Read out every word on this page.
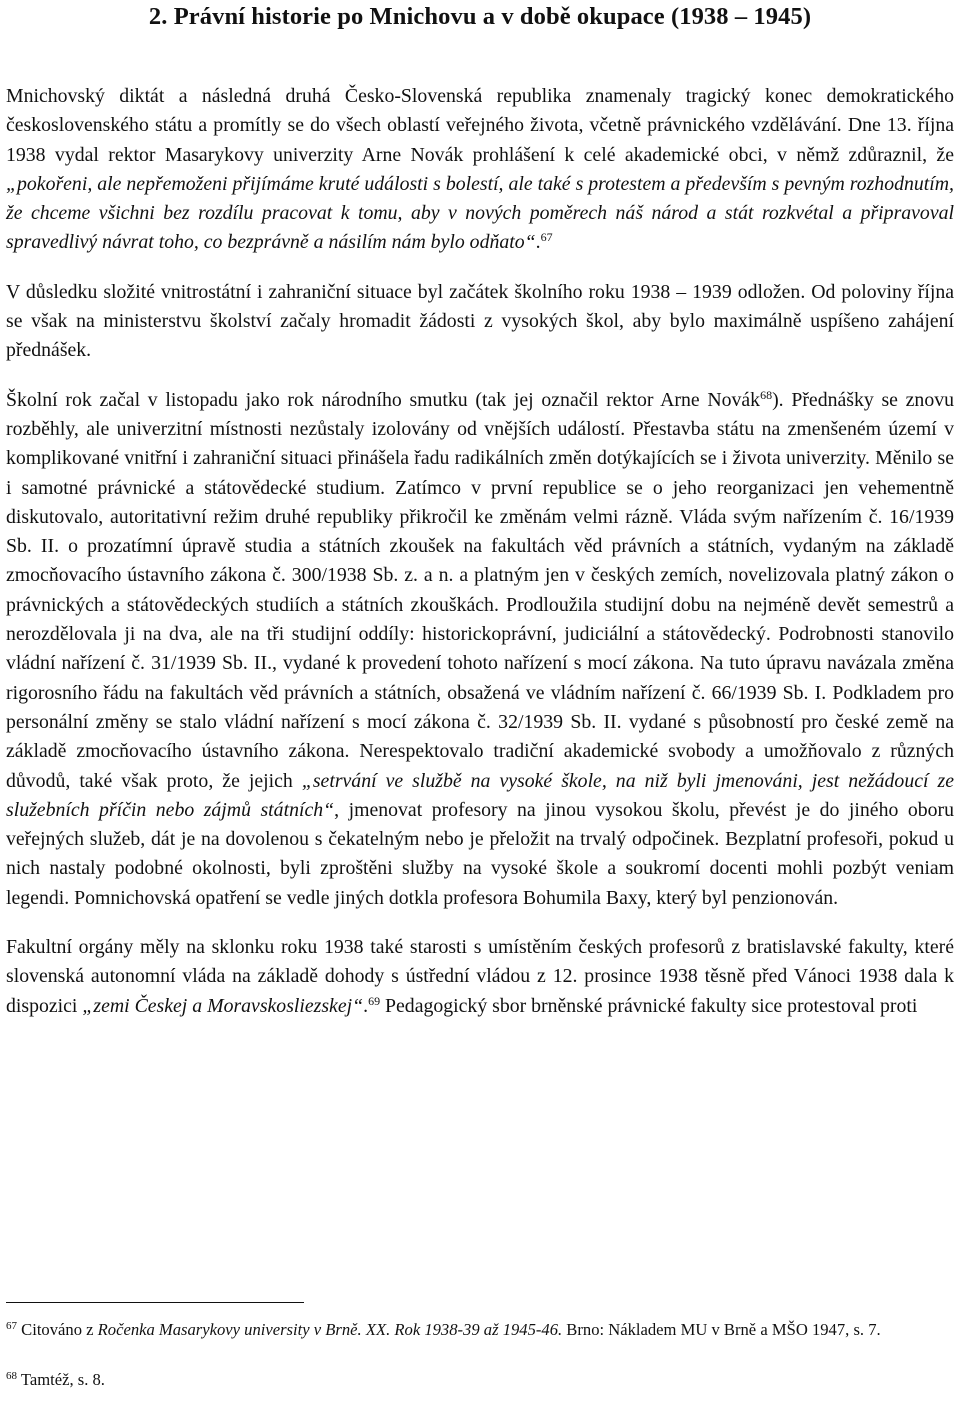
2. Právní historie po Mnichovu a v době okupace (1938 – 1945)

Mnichovský diktát a následná druhá Česko-Slovenská republika znamenaly tragický konec demokratického československého státu a promítly se do všech oblastí veřejného života, včetně právnického vzdělávání. Dne 13. října 1938 vydal rektor Masarykovy univerzity Arne Novák prohlášení k celé akademické obci, v němž zdůraznil, že „pokořeni, ale nepřemoženi přijímáme kruté události s bolestí, ale také s protestem a především s pevným rozhodnutím, že chceme všichni bez rozdílu pracovat k tomu, aby v nových poměrech náš národ a stát rozkvétal a připravoval spravedlivý návrat toho, co bezprávně a násilím nám bylo odňato“.$^{67}$

V důsledku složité vnitrostátní i zahraniční situace byl začátek školního roku 1938 – 1939 odložen. Od poloviny října se však na ministerstvu školství začaly hromadit žádosti z vysokých škol, aby bylo maximálně uspíšeno zahájení přednášek.

Školní rok začal v listopadu jako rok národního smutku (tak jej označil rektor Arne Novák$^{68}$). Přednášky se znovu rozběhly, ale univerzitní místnosti nezůstaly izolovány od vnějších událostí. Přestavba státu na zmenšeném území v komplikované vnitřní i zahraniční situaci přinášela řadu radikálních změn dotýkajících se i života univerzity. Měnilo se i samotné právnické a státovědecké studium. Zatímco v první republice se o jeho reorganizaci jen vehementně diskutovalo, autoritativní režim druhé republiky přikročil ke změnám velmi rázně. Vláda svým nařízením č. 16/1939 Sb. II. o prozatímní úpravě studia a státních zkoušek na fakultách věd právních a státních, vydaným na základě zmocňovacího ústavního zákona č. 300/1938 Sb. z. a n. a platným jen v českých zemích, novelizovala platný zákon o právnických a státovědeckých studiích a státních zkouškách. Prodloužila studijní dobu na nejméně devět semestrů a nerozdělovala ji na dva, ale na tři studijní oddíly: historickoprávní, judiciální a státovědecký. Podrobnosti stanovilo vládní nařízení č. 31/1939 Sb. II., vydané k provedení tohoto nařízení s mocí zákona. Na tuto úpravu navázala změna rigorosního řádu na fakultách věd právních a státních, obsažená ve vládním nařízení č. 66/1939 Sb. I. Podkladem pro personální změny se stalo vládní nařízení s mocí zákona č. 32/1939 Sb. II. vydané s působností pro české země na základě zmocňovacího ústavního zákona. Nerespektovalo tradiční akademické svobody a umožňovalo z různých důvodů, také však proto, že jejich „setrvání ve službě na vysoké škole, na niž byli jmenováni, jest nežádoucí ze služebních příčin nebo zájmů státních“, jmenovat profesory na jinou vysokou školu, převést je do jiného oboru veřejných služeb, dát je na dovolenou s čekatelným nebo je přeložit na trvalý odpočinek. Bezplatní profesoři, pokud u nich nastaly podobné okolnosti, byli zproštěni služby na vysoké škole a soukromí docenti mohli pozbýt veniam legendi. Pomnichovská opatření se vedle jiných dotkla profesora Bohumila Baxy, který byl penzionován.

Fakultní orgány měly na sklonku roku 1938 také starosti s umístěním českých profesorů z bratislavské fakulty, které slovenská autonomní vláda na základě dohody s ústřední vládou z 12. prosince 1938 těsně před Vánoci 1938 dala k dispozici „zemi Českej a Moravskosliezskej“.$^{69}$ Pedagogický sbor brněnské právnické fakulty sice protestoval proti

$^{67}$ Citováno z Ročenka Masarykovy university v Brně. XX. Rok 1938-39 až 1945-46. Brno: Nákladem MU v Brně a MŠO 1947, s. 7.
$^{68}$ Tamtéž, s. 8.
